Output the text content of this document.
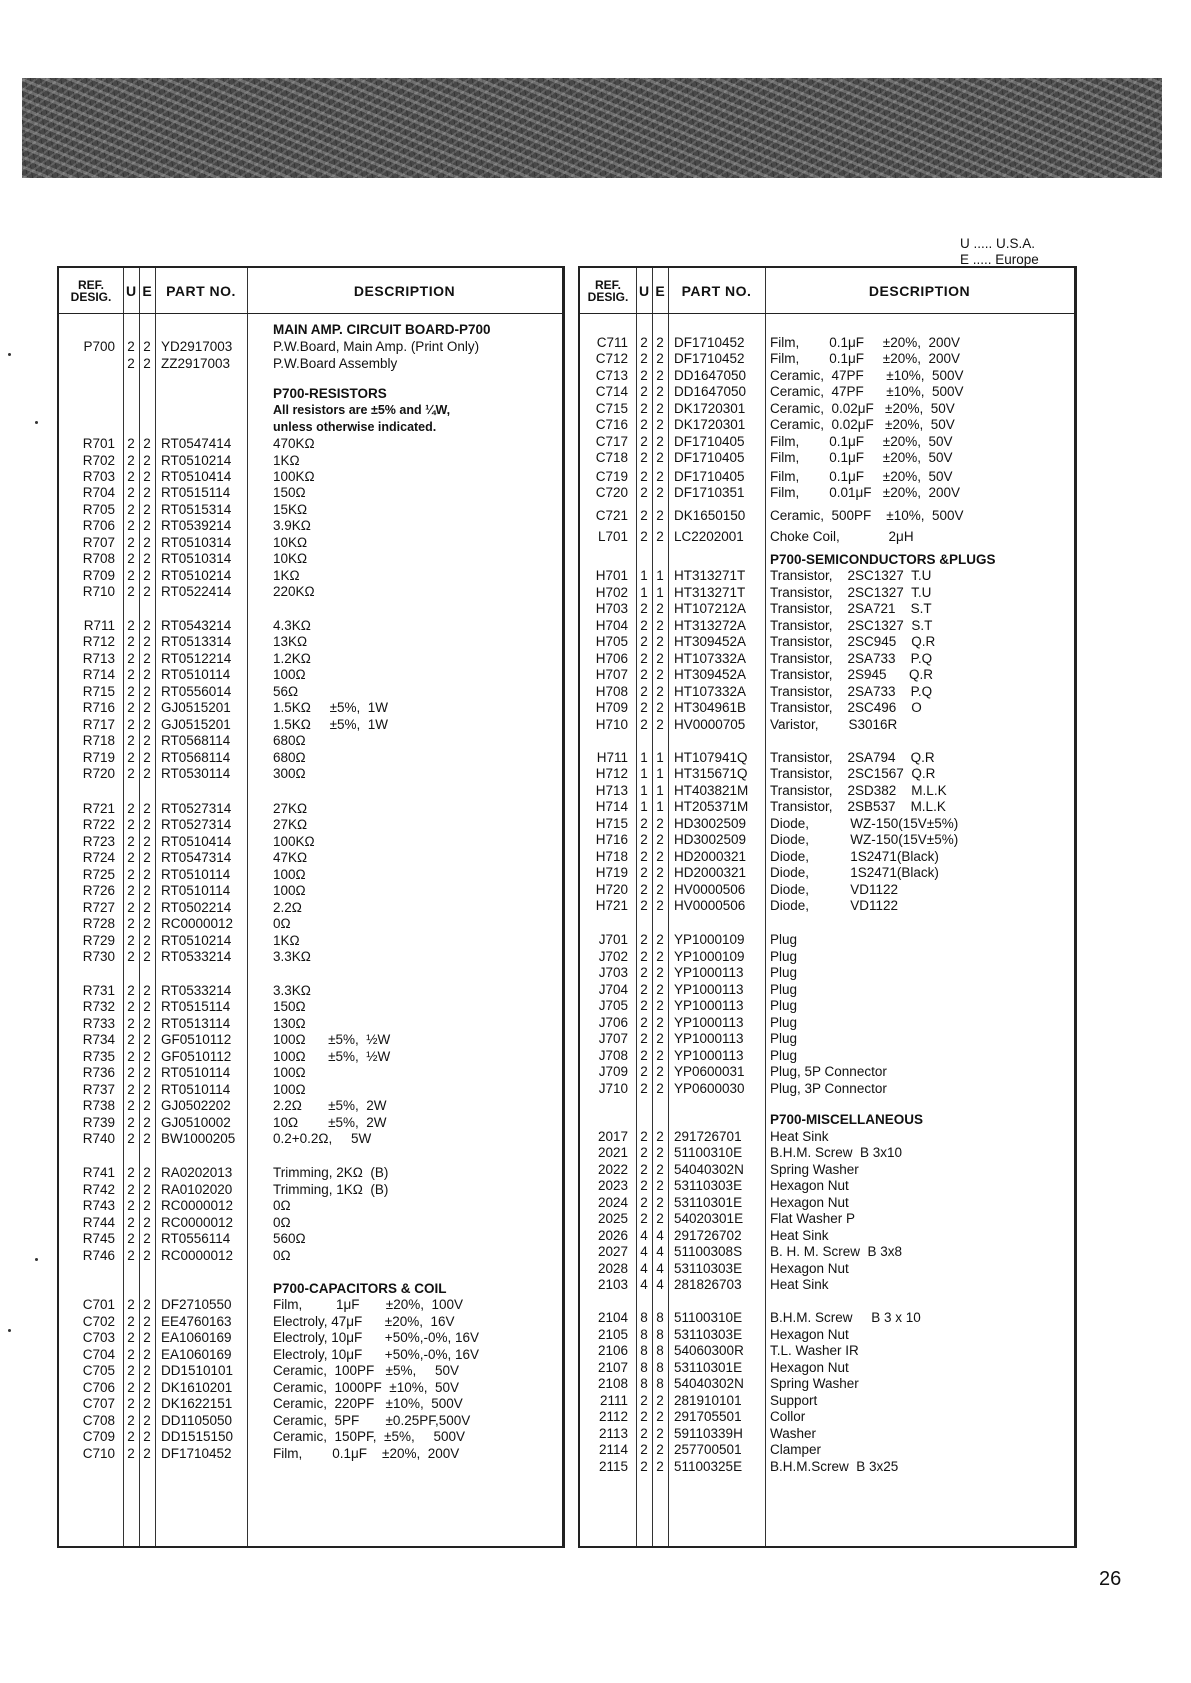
U ..... U.S.A.
E ..... Europe
REF.
DESIG. U E	PART NO.	DESCRIPTION
MAIN AMP. CIRCUIT BOARD-P700
P700 2 2 YD2917003	P.W.Board, Main Amp. (Print Only)
2 2 ZZ2917003	P.W.Board Assembly
P700-RESISTORS
All resistors are ±5% and ¼W,
unless otherwise indicated.
R701 2 2 RT0547414	470KΩ
R702 2 2 RT0510214	1KΩ
R703 2 2 RT0510414	100KΩ
R704 2 2 RT0515114	150Ω
R705 2 2 RT0515314	15KΩ
R706 2 2 RT0539214	3.9KΩ
R707 2 2 RT0510314	10KΩ
R708 2 2 RT0510314	10KΩ
R709 2 2 RT0510214	1KΩ
R710 2 2 RT0522414	220KΩ
R711 2 2 RT0543214	4.3KΩ
R712 2 2 RT0513314	13KΩ
R713 2 2 RT0512214	1.2KΩ
R714 2 2 RT0510114	100Ω
R715 2 2 RT0556014	56Ω
R716 2 2 GJ0515201	1.5KΩ     ±5%,  1W
R717 2 2 GJ0515201	1.5KΩ     ±5%,  1W
R718 2 2 RT0568114	680Ω
R719 2 2 RT0568114	680Ω
R720 2 2 RT0530114	300Ω
R721 2 2 RT0527314	27KΩ
R722 2 2 RT0527314	27KΩ
R723 2 2 RT0510414	100KΩ
R724 2 2 RT0547314	47KΩ
R725 2 2 RT0510114	100Ω
R726 2 2 RT0510114	100Ω
R727 2 2 RT0502214	2.2Ω
R728 2 2 RC0000012	0Ω
R729 2 2 RT0510214	1KΩ
R730 2 2 RT0533214	3.3KΩ
R731 2 2 RT0533214	3.3KΩ
R732 2 2 RT0515114	150Ω
R733 2 2 RT0513114	130Ω
R734 2 2 GF0510112	100Ω      ±5%,  ½W
R735 2 2 GF0510112	100Ω      ±5%,  ½W
R736 2 2 RT0510114	100Ω
R737 2 2 RT0510114	100Ω
R738 2 2 GJ0502202	2.2Ω       ±5%,  2W
R739 2 2 GJ0510002	10Ω        ±5%,  2W
R740 2 2 BW1000205	0.2+0.2Ω,     5W
R741 2 2 RA0202013	Trimming, 2KΩ  (B)
R742 2 2 RA0102020	Trimming, 1KΩ  (B)
R743 2 2 RC0000012	0Ω
R744 2 2 RC0000012	0Ω
R745 2 2 RT0556114	560Ω
R746 2 2 RC0000012	0Ω
P700-CAPACITORS & COIL
C701 2 2 DF2710550	Film,         1μF       ±20%,  100V
C702 2 2 EE4760163	Electroly, 47μF      ±20%,  16V
C703 2 2 EA1060169	Electroly, 10μF      +50%,-0%, 16V
C704 2 2 EA1060169	Electroly, 10μF      +50%,-0%, 16V
C705 2 2 DD1510101	Ceramic,  100PF   ±5%,     50V
C706 2 2 DK1610201	Ceramic,  1000PF  ±10%,  50V
C707 2 2 DK1622151	Ceramic,  220PF   ±10%,  500V
C708 2 2 DD1105050	Ceramic,  5PF       ±0.25PF,500V
C709 2 2 DD1515150	Ceramic,  150PF,  ±5%,     500V
C710 2 2 DF1710452	Film,        0.1μF    ±20%,  200V
REF.
DESIG. U E	PART NO.	DESCRIPTION
C711 2 2 DF1710452 Film,        0.1μF     ±20%,  200V
C712 2 2 DF1710452 Film,        0.1μF     ±20%,  200V
C713 2 2 DD1647050 Ceramic,  47PF      ±10%,  500V
C714 2 2 DD1647050 Ceramic,  47PF      ±10%,  500V
C715 2 2 DK1720301 Ceramic,  0.02μF   ±20%,  50V
C716 2 2 DK1720301 Ceramic,  0.02μF   ±20%,  50V
C717 2 2 DF1710405 Film,        0.1μF     ±20%,  50V
C718 2 2 DF1710405 Film,        0.1μF     ±20%,  50V
C719 2 2 DF1710405 Film,        0.1μF     ±20%,  50V
C720 2 2 DF1710351 Film,        0.01μF   ±20%,  200V
C721 2 2 DK1650150 Ceramic,  500PF    ±10%,  500V
L701 2 2 LC2202001 Choke Coil,             2μH
P700-SEMICONDUCTORS &PLUGS
H701 1 1 HT313271T Transistor,    2SC1327  T.U
H702 1 1 HT313271T Transistor,    2SC1327  T.U
H703 2 2 HT107212A Transistor,    2SA721    S.T
H704 2 2 HT313272A Transistor,    2SC1327  S.T
H705 2 2 HT309452A Transistor,    2SC945    Q.R
H706 2 2 HT107332A Transistor,    2SA733    P.Q
H707 2 2 HT309452A Transistor,    2S945      Q.R
H708 2 2 HT107332A Transistor,    2SA733    P.Q
H709 2 2 HT304961B Transistor,    2SC496    O
H710 2 2 HV0000705 Varistor,        S3016R
H711 1 1 HT107941Q Transistor,    2SA794    Q.R
H712 1 1 HT315671Q Transistor,    2SC1567  Q.R
H713 1 1 HT403821M Transistor,    2SD382    M.L.K
H714 1 1 HT205371M Transistor,    2SB537    M.L.K
H715 2 2 HD3002509 Diode,           WZ-150(15V±5%)
H716 2 2 HD3002509 Diode,           WZ-150(15V±5%)
H718 2 2 HD2000321 Diode,           1S2471(Black)
H719 2 2 HD2000321 Diode,           1S2471(Black)
H720 2 2 HV0000506 Diode,           VD1122
H721 2 2 HV0000506 Diode,           VD1122
J701 2 2 YP1000109 Plug
J702 2 2 YP1000109 Plug
J703 2 2 YP1000113 Plug
J704 2 2 YP1000113 Plug
J705 2 2 YP1000113 Plug
J706 2 2 YP1000113 Plug
J707 2 2 YP1000113 Plug
J708 2 2 YP1000113 Plug
J709 2 2 YP0600031 Plug, 5P Connector
J710 2 2 YP0600030 Plug, 3P Connector
P700-MISCELLANEOUS
2017 2 2 291726701 Heat Sink
2021 2 2 51100310E B.H.M. Screw  B 3x10
2022 2 2 54040302N Spring Washer
2023 2 2 53110303E Hexagon Nut
2024 2 2 53110301E Hexagon Nut
2025 2 2 54020301E Flat Washer P
2026 4 4 291726702 Heat Sink
2027 4 4 51100308S B. H. M. Screw  B 3x8
2028 4 4 53110303E Hexagon Nut
2103 4 4 281826703 Heat Sink
2104 8 8 51100310E B.H.M. Screw     B 3 x 10
2105 8 8 53110303E Hexagon Nut
2106 8 8 54060300R T.L. Washer IR
2107 8 8 53110301E Hexagon Nut
2108 8 8 54040302N Spring Washer
2111 2 2 281910101 Support
2112 2 2 291705501 Collor
2113 2 2 59110339H Washer
2114 2 2 257700501 Clamper
2115 2 2 51100325E B.H.M.Screw  B 3x25
26
